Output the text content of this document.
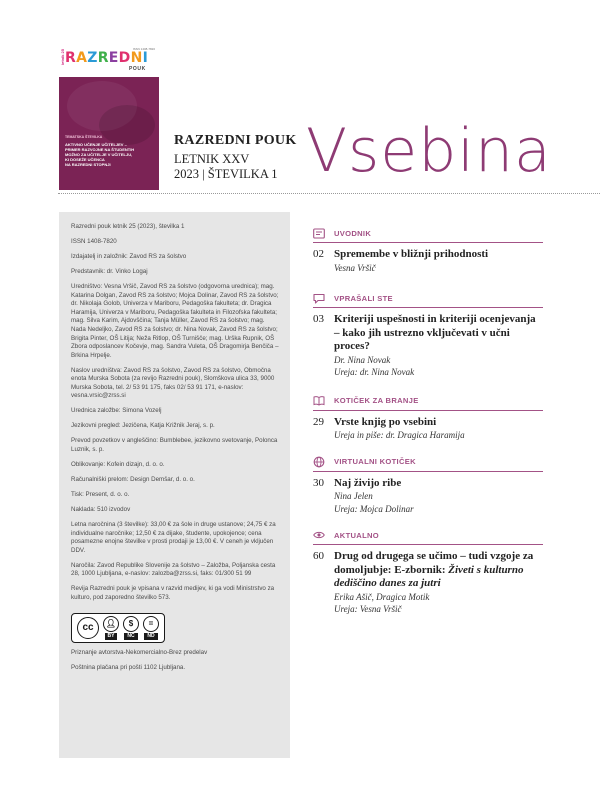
ISSN 1408-7820
letnik 25 RAZREDNI
POUK
TEMATSKA ŠTEVILKA
AKTIVNO UČENJE UČITELJEV –
PRIMER RAZVOJNE NA ŠTUDENTIH
MOŽNO ZA UČITELJE V UČITELJU,
KI DOSEŽE UČENCA
NA RAZREDNI STOPNJI
RAZREDNI POUK
LETNIK XXV
2023 | ŠTEVILKA 1 Vsebina

Razredni pouk letnik 25 (2023), številka 1

ISSN 1408-7820

Izdajatelj in založnik: Zavod RS za šolstvo

Predstavnik: dr. Vinko Logaj

Uredništvo: Vesna Vršič, Zavod RS za šolstvo (odgovorna urednica); mag. Katarina Dolgan, Zavod RS za šolstvo; Mojca Dolinar, Zavod RS za šolstvo; dr. Nikolaja Golob, Univerza v Mariboru, Pedagoška fakulteta; dr. Dragica Haramija, Univerza v Mariboru, Pedagoška fakulteta in Filozofska fakulteta; mag. Silva Karim, Ajdovščina; Tanja Müller, Zavod RS za šolstvo; mag. Nada Nedeljko, Zavod RS za šolstvo; dr. Nina Novak, Zavod RS za šolstvo; Brigita Pinter, OŠ Litija; Neža Ritlop, OŠ Turnišče; mag. Urška Rupnik, OŠ Zbora odposlancev Kočevje, mag. Sandra Vuleta, OŠ Dragomirja Benčiča – Brkina Hrpelje.

Naslov uredništva: Zavod RS za šolstvo, Zavod RS za šolstvo, Območna enota Murska Sobota (za revijo Razredni pouk), Slomškova ulica 33, 9000 Murska Sobota, tel. 2/ 53 91 175, faks 02/ 53 91 171, e-naslov: vesna.vrsic@zrss.si

Urednica založbe: Simona Vozelj

Jezikovni pregled: Jezičena, Katja Križnik Jeraj, s. p.

Prevod povzetkov v angleščino: Bumblebee, jezikovno svetovanje, Polonca Luznik, s. p.

Oblikovanje: Kofein dizajn, d. o. o.

Računalniški prelom: Design Demšar, d. o. o.

Tisk: Present, d. o. o.

Naklada: 510 izvodov

Letna naročnina (3 številke): 33,00 € za šole in druge ustanove; 24,75 € za individualne naročnike; 12,50 € za dijake, študente, upokojence; cena posamezne enojne številke v prosti prodaji je 13,00 €. V ceneh je vključen DDV.

Naročila: Zavod Republike Slovenije za šolstvo – Založba, Poljanska cesta 28, 1000 Ljubljana, e-naslov: zalozba@zrss.si, faks: 01/300 51 99

Revija Razredni pouk je vpisana v razvid medijev, ki ga vodi Ministrstvo za kulturo, pod zaporedno številko 573.

cc	👤︎
BY
$
NC
=
ND

Priznanje avtorstva-Nekomercialno-Brez predelav

Poštnina plačana pri pošti 1102 Ljubljana.

UVODNIK
02 Spremembe v bližnji prihodnosti
Vesna Vršič
VPRAŠALI STE
03 Kriteriji uspešnosti in kriteriji ocenjevanja – kako jih ustrezno vključevati v učni proces?
Dr. Nina Novak
Ureja: dr. Nina Novak
KOTIČEK ZA BRANJE
29 Vrste knjig po vsebini
Ureja in piše: dr. Dragica Haramija
VIRTUALNI KOTIČEK
30 Naj živijo ribe
Nina Jelen
Ureja: Mojca Dolinar
AKTUALNO
60 Drug od drugega se učimo – tudi vzgoje za domoljubje: E-zbornik: Živeti s kulturno dediščino danes za jutri
Erika Ašič, Dragica Motik
Ureja: Vesna Vršič
